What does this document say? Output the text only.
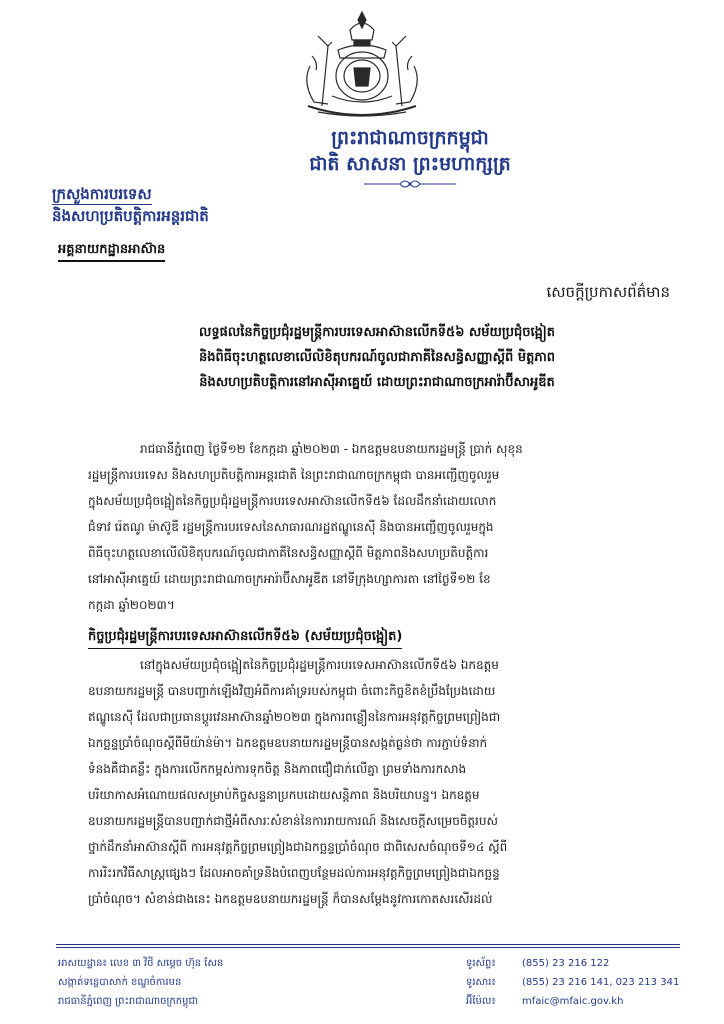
ព្រះរាជាណាចក្រកម្ពុជា
ជាតិ សាសនា ព្រះមហាក្សត្រ
ក្រសួងការបរទេស
និងសហប្រតិបត្តិការអន្តរជាតិ
អគ្គនាយកដ្ឋានអាស៊ាន
សេចក្តីប្រកាសព័ត៌មាន
លទ្ធផលនៃកិច្ចប្រជុំរដ្ឋមន្ត្រីការបរទេសអាស៊ានលើកទី៥៦ សម័យប្រជុំចង្អៀត
និងពិធីចុះហត្ថលេខាលើលិខិតុបករណ៍ចូលជាភាគីនៃសន្ធិសញ្ញាស្តីពី មិត្តភាព
និងសហប្រតិបត្តិការនៅអាស៊ីអាគ្នេយ៍ ដោយព្រះរាជាណាចក្រអារ៉ាប៊ីសាអូឌីត
រាជធានីភ្នំពេញ ថ្ងៃទី១២ ខែកក្កដា ឆ្នាំ២០២៣ - ឯកឧត្តមឧបនាយករដ្ឋមន្ត្រី ប្រាក់ សុខុន
រដ្ឋមន្ត្រីការបរទេស និងសហប្រតិបត្តិការអន្តរជាតិ នៃព្រះរាជាណាចក្រកម្ពុជា បានអញ្ជើញចូលរួម
ក្នុងសម័យប្រជុំចង្អៀតនៃកិច្ចប្រជុំរដ្ឋមន្ត្រីការបរទេសអាស៊ានលើកទី៥៦ ដែលដឹកនាំដោយលោក
ជំទាវ រ៉េតណូ ម៉ាស៊ូឌី រដ្ឋមន្ត្រីការបរទេសនៃសាធារណរដ្ឋឥណ្ឌូនេស៊ី និងបានអញ្ជើញចូលរួមក្នុង
ពិធីចុះហត្ថលេខាលើលិខិតុបករណ៍ចូលជាភាគីនៃសន្ធិសញ្ញាស្តីពី មិត្តភាពនិងសហប្រតិបត្តិការ
នៅអាស៊ីអាគ្នេយ៍ ដោយព្រះរាជាណាចក្រអារ៉ាប៊ីសាអូឌីត នៅទីក្រុងហ្សាការតា នៅថ្ងៃទី១២ ខែ
កក្កដា ឆ្នាំ២០២៣។
កិច្ចប្រជុំរដ្ឋមន្ត្រីការបរទេសអាស៊ានលើកទី៥៦ (សម័យប្រជុំចង្អៀត)
នៅក្នុងសម័យប្រជុំចង្អៀតនៃកិច្ចប្រជុំរដ្ឋមន្ត្រីការបរទេសអាស៊ានលើកទី៥៦ ឯកឧត្តម
ឧបនាយករដ្ឋមន្ត្រី បានបញ្ជាក់ឡើងវិញអំពីការគាំទ្ររបស់កម្ពុជា ចំពោះកិច្ចខិតខំប្រឹងប្រែងដោយ
ឥណ្ឌូនេស៊ី ដែលជាប្រធានប្តូរវេនអាស៊ានឆ្នាំ២០២៣ ក្នុងការពន្លឿននៃការអនុវត្តកិច្ចព្រមព្រៀងជា
ឯកច្ឆន្ទប្រាំចំណុចស្តីពីមីយ៉ាន់ម៉ា។ ឯកឧត្តមឧបនាយករដ្ឋមន្ត្រីបានសង្កត់ធ្ងន់ថា ការភ្ជាប់ទំនាក់
ទំនងគឺជាគន្លឹះ ក្នុងការលើកកម្ពស់ការទុកចិត្ត និងភាពជឿជាក់លើគ្នា ព្រមទាំងការកសាង
បរិយាកាសអំណោយផលសម្រាប់កិច្ចសន្ទនាប្រកបដោយសន្តិភាព និងបរិយាបន្ន។ ឯកឧត្តម
ឧបនាយករដ្ឋមន្ត្រីបានបញ្ជាក់ជាថ្មីអំពីសារៈសំខាន់នៃការរាយការណ៍ និងសេចក្តីសម្រេចចិត្តរបស់
ថ្នាក់ដឹកនាំអាស៊ានស្តីពី ការអនុវត្តកិច្ចព្រមព្រៀងជាឯកច្ឆន្ទប្រាំចំណុច ជាពិសេសចំណុចទី១៤ ស្តីពី
ការរិះរកវិធីសាស្ត្រផ្សេងៗ ដែលអាចគាំទ្រនិងបំពេញបន្ថែមដល់ការអនុវត្តកិច្ចព្រមព្រៀងជាឯកច្ឆន្ទ
ប្រាំចំណុច។ សំខាន់ជាងនេះ ឯកឧត្តមឧបនាយករដ្ឋមន្ត្រី ក៏បានសម្តែងនូវការកោតសរសើរដល់
អាសយដ្ឋាន៖ លេខ ៣ វិថី សម្តេច ហ៊ុន សែន
សង្កាត់ទន្លេបាសាក់ ខណ្ឌចំការមន
រាជធានីភ្នំពេញ ព្រះរាជាណាចក្រកម្ពុជា
ទូរស័ព្ទ៖	(855) 23 216 122
ទូរសារ៖	(855) 23 216 141, 023 213 341
អ៊ីម៉ែល៖	mfaic@mfaic.gov.kh
